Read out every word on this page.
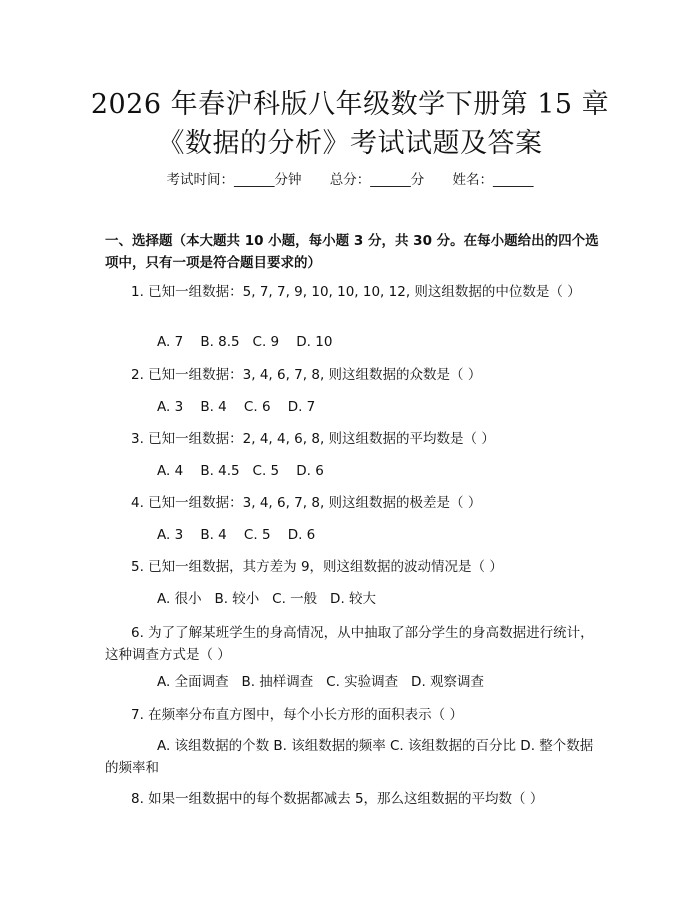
2026 年春沪科版八年级数学下册第 15 章
《数据的分析》考试试题及答案
考试时间：______分钟 总分：______分 姓名：______
一、选择题（本大题共 10 小题，每小题 3 分，共 30 分。在每小题给出的四个选项中，只有一项是符合题目要求的）
1. 已知一组数据：5, 7, 7, 9, 10, 10, 10, 12, 则这组数据的中位数是（ ）
A. 7    B. 8.5   C. 9    D. 10
2. 已知一组数据：3, 4, 6, 7, 8, 则这组数据的众数是（ ）
A. 3    B. 4    C. 6    D. 7
3. 已知一组数据：2, 4, 4, 6, 8, 则这组数据的平均数是（ ）
A. 4    B. 4.5   C. 5    D. 6
4. 已知一组数据：3, 4, 6, 7, 8, 则这组数据的极差是（ ）
A. 3    B. 4    C. 5    D. 6
5. 已知一组数据，其方差为 9，则这组数据的波动情况是（ ）
A. 很小   B. 较小   C. 一般   D. 较大
6. 为了了解某班学生的身高情况，从中抽取了部分学生的身高数据进行统计，这种调查方式是（ ）
A. 全面调查   B. 抽样调查   C. 实验调查   D. 观察调查
7. 在频率分布直方图中，每个小长方形的面积表示（ ）
A. 该组数据的个数 B. 该组数据的频率 C. 该组数据的百分比 D. 整个数据的频率和
8. 如果一组数据中的每个数据都减去 5，那么这组数据的平均数（ ）
